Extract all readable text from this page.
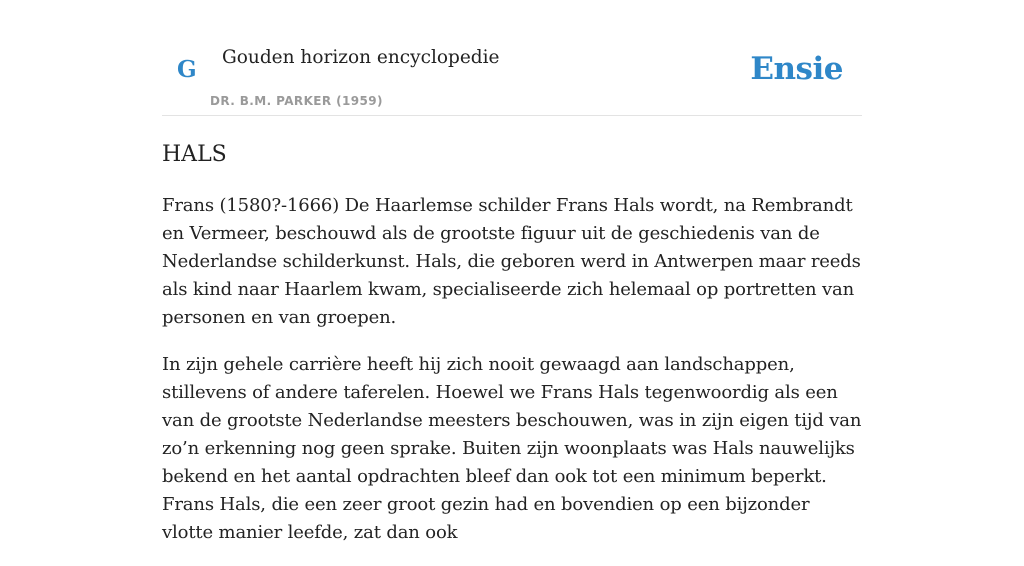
G Gouden horizon encyclopedie
DR. B.M. PARKER (1959)
Ensie
HALS

Frans (1580?-1666) De Haarlemse schilder Frans Hals wordt, na Rembrandt en Vermeer, beschouwd als de grootste figuur uit de geschiedenis van de Nederlandse schilderkunst. Hals, die geboren werd in Antwerpen maar reeds als kind naar Haarlem kwam, specialiseerde zich helemaal op portretten van personen en van groepen.

In zijn gehele carrière heeft hij zich nooit gewaagd aan landschappen, stillevens of andere taferelen. Hoewel we Frans Hals tegenwoordig als een van de grootste Nederlandse meesters beschouwen, was in zijn eigen tijd van zo’n erkenning nog geen sprake. Buiten zijn woonplaats was Hals nauwelijks bekend en het aantal opdrachten bleef dan ook tot een minimum beperkt. Frans Hals, die een zeer groot gezin had en bovendien op een bijzonder vlotte manier leefde, zat dan ook
